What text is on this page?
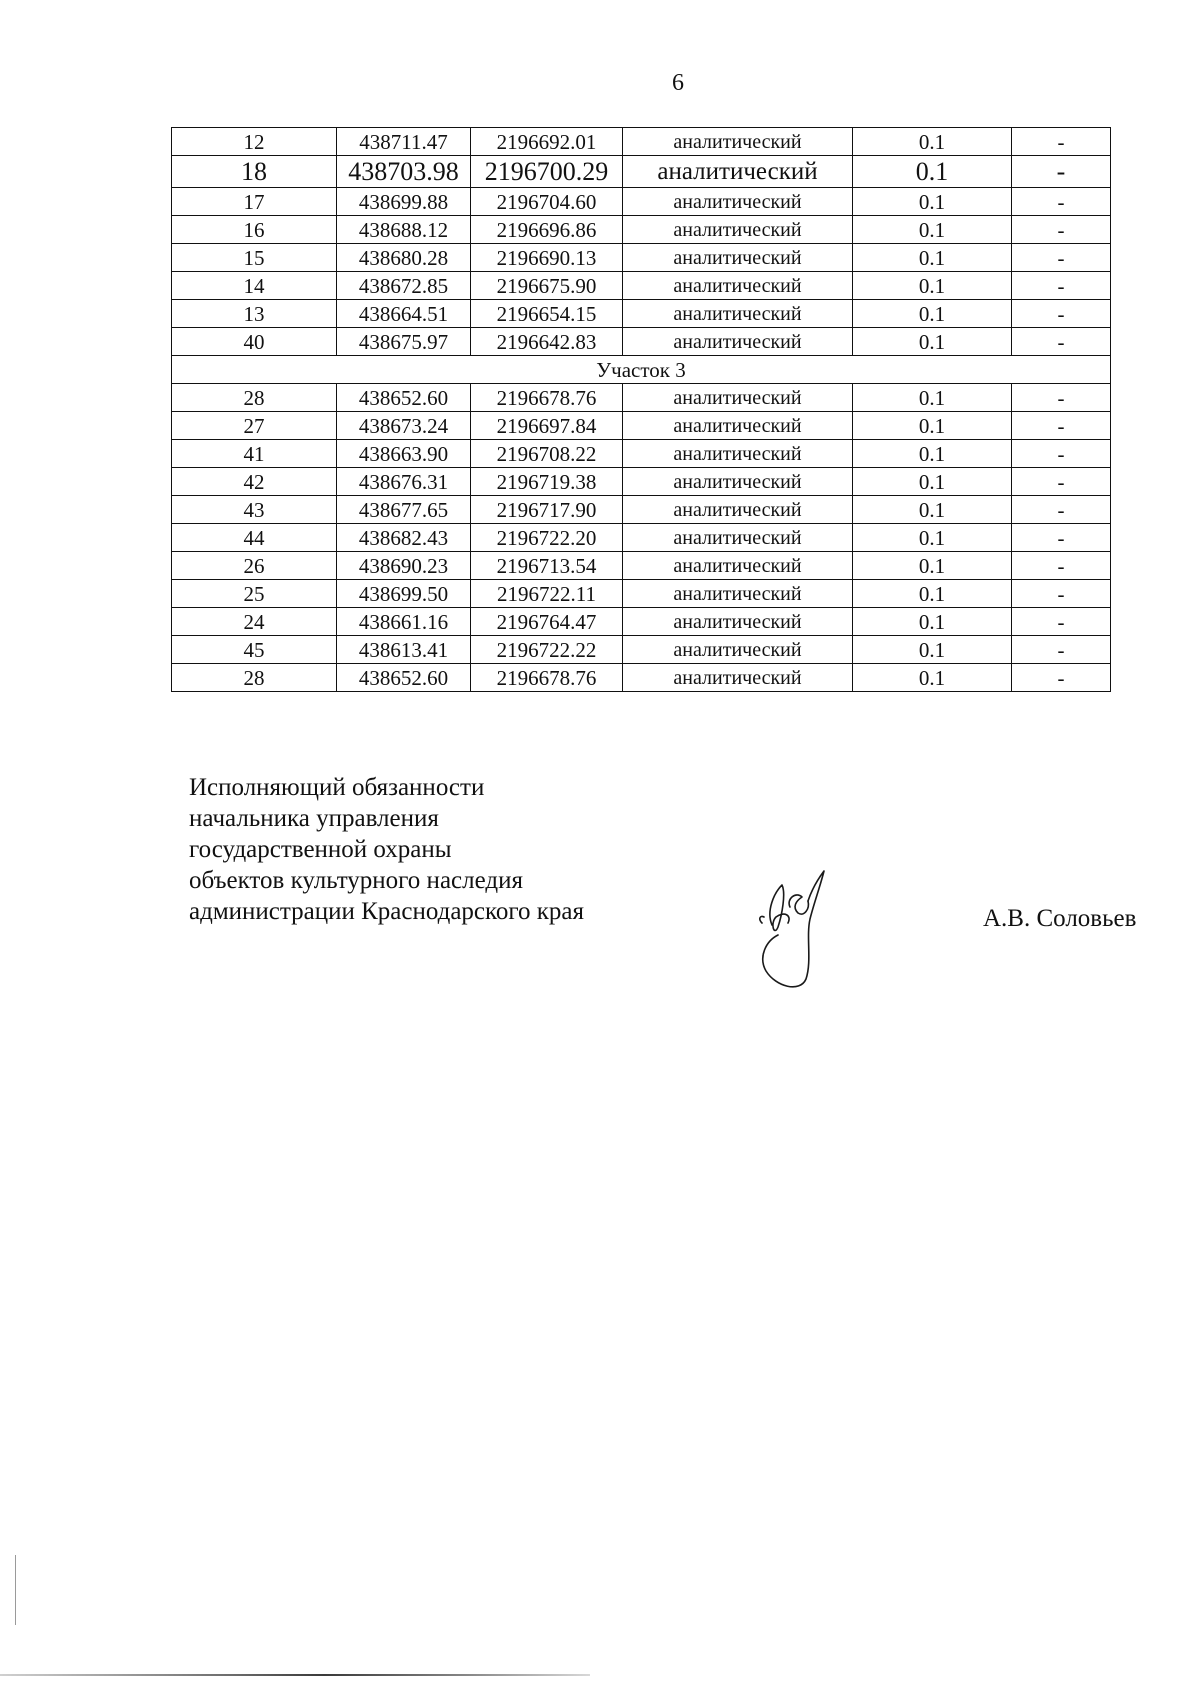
6
12	438711.47	2196692.01	аналитический	0.1	-
18	438703.98	2196700.29	аналитический	0.1	-
17	438699.88	2196704.60	аналитический	0.1	-
16	438688.12	2196696.86	аналитический	0.1	-
15	438680.28	2196690.13	аналитический	0.1	-
14	438672.85	2196675.90	аналитический	0.1	-
13	438664.51	2196654.15	аналитический	0.1	-
40	438675.97	2196642.83	аналитический	0.1	-
Участок 3					
28	438652.60	2196678.76	аналитический	0.1	-
27	438673.24	2196697.84	аналитический	0.1	-
41	438663.90	2196708.22	аналитический	0.1	-
42	438676.31	2196719.38	аналитический	0.1	-
43	438677.65	2196717.90	аналитический	0.1	-
44	438682.43	2196722.20	аналитический	0.1	-
26	438690.23	2196713.54	аналитический	0.1	-
25	438699.50	2196722.11	аналитический	0.1	-
24	438661.16	2196764.47	аналитический	0.1	-
45	438613.41	2196722.22	аналитический	0.1	-
28	438652.60	2196678.76	аналитический	0.1	-

Исполняющий обязанности
начальника управления
государственной охраны
объектов культурного наследия
администрации Краснодарского края	А.В. Соловьев
